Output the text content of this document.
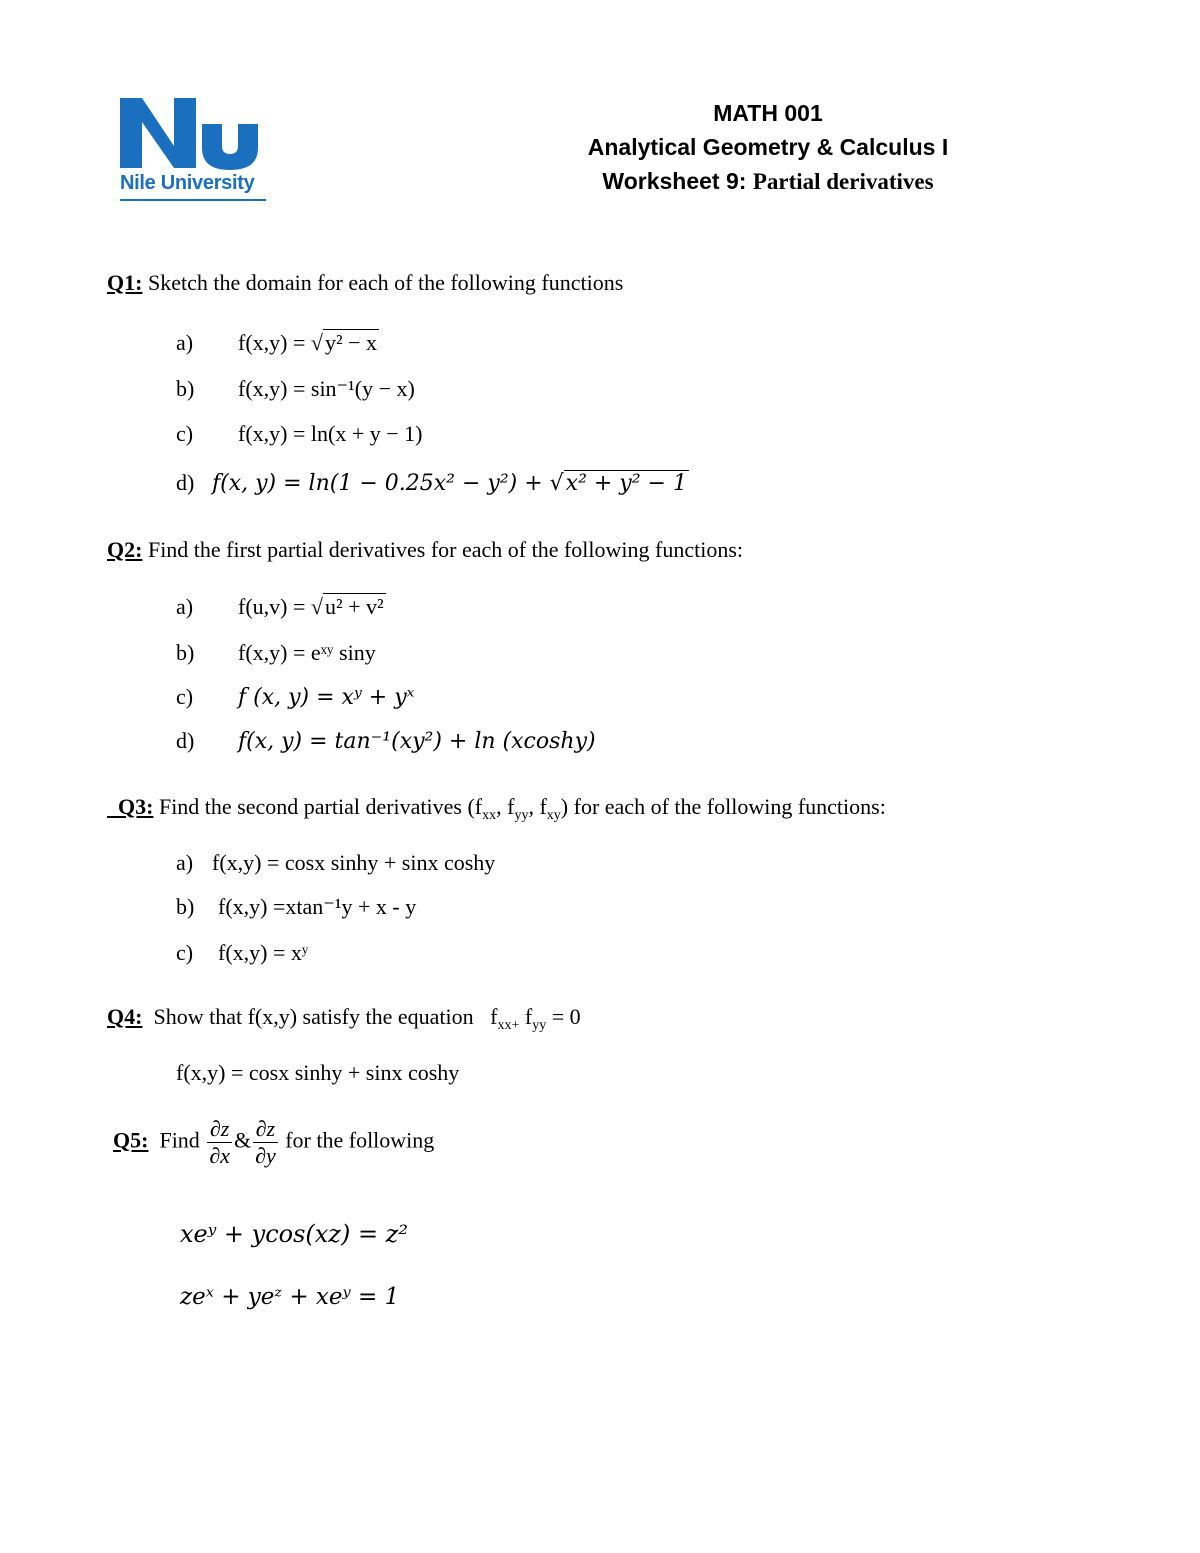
Nile University
MATH 001
Analytical Geometry & Calculus I
Worksheet 9: Partial derivatives
Q1: Sketch the domain for each of the following functions
a) f(x,y) = √y² − x
b) f(x,y) = sin⁻¹(y − x)
c) f(x,y) = ln(x + y − 1)
d) f(x, y) = ln(1 − 0.25x² − y²) + √x² + y² − 1
Q2: Find the first partial derivatives for each of the following functions:
a) f(u,v) = √u² + v²
b) f(x,y) = eˣʸ siny
c) f (x, y) = xʸ + yˣ
d) f(x, y) = tan⁻¹(xy²) + ln (xcoshy)
Q3: Find the second partial derivatives ($f_{xx}$, $f_{yy}$, $f_{xy}$) for each of the following functions:
a) f(x,y) = cosx sinhy + sinx coshy
b) f(x,y) =xtan⁻¹y + x - y
c) f(x,y) = xʸ
Q4:  Show that f(x,y) satisfy the equation $f_{xx+}$ $f_{yy} = 0$
f(x,y) = cosx sinhy + sinx coshy
Q5: Find $\frac{\partial z}{\partial x}$ & $\frac{\partial z}{\partial y}$ for the following
xeʸ + ycos(xz) = z²
zeˣ + yeᶻ + xeʸ = 1
